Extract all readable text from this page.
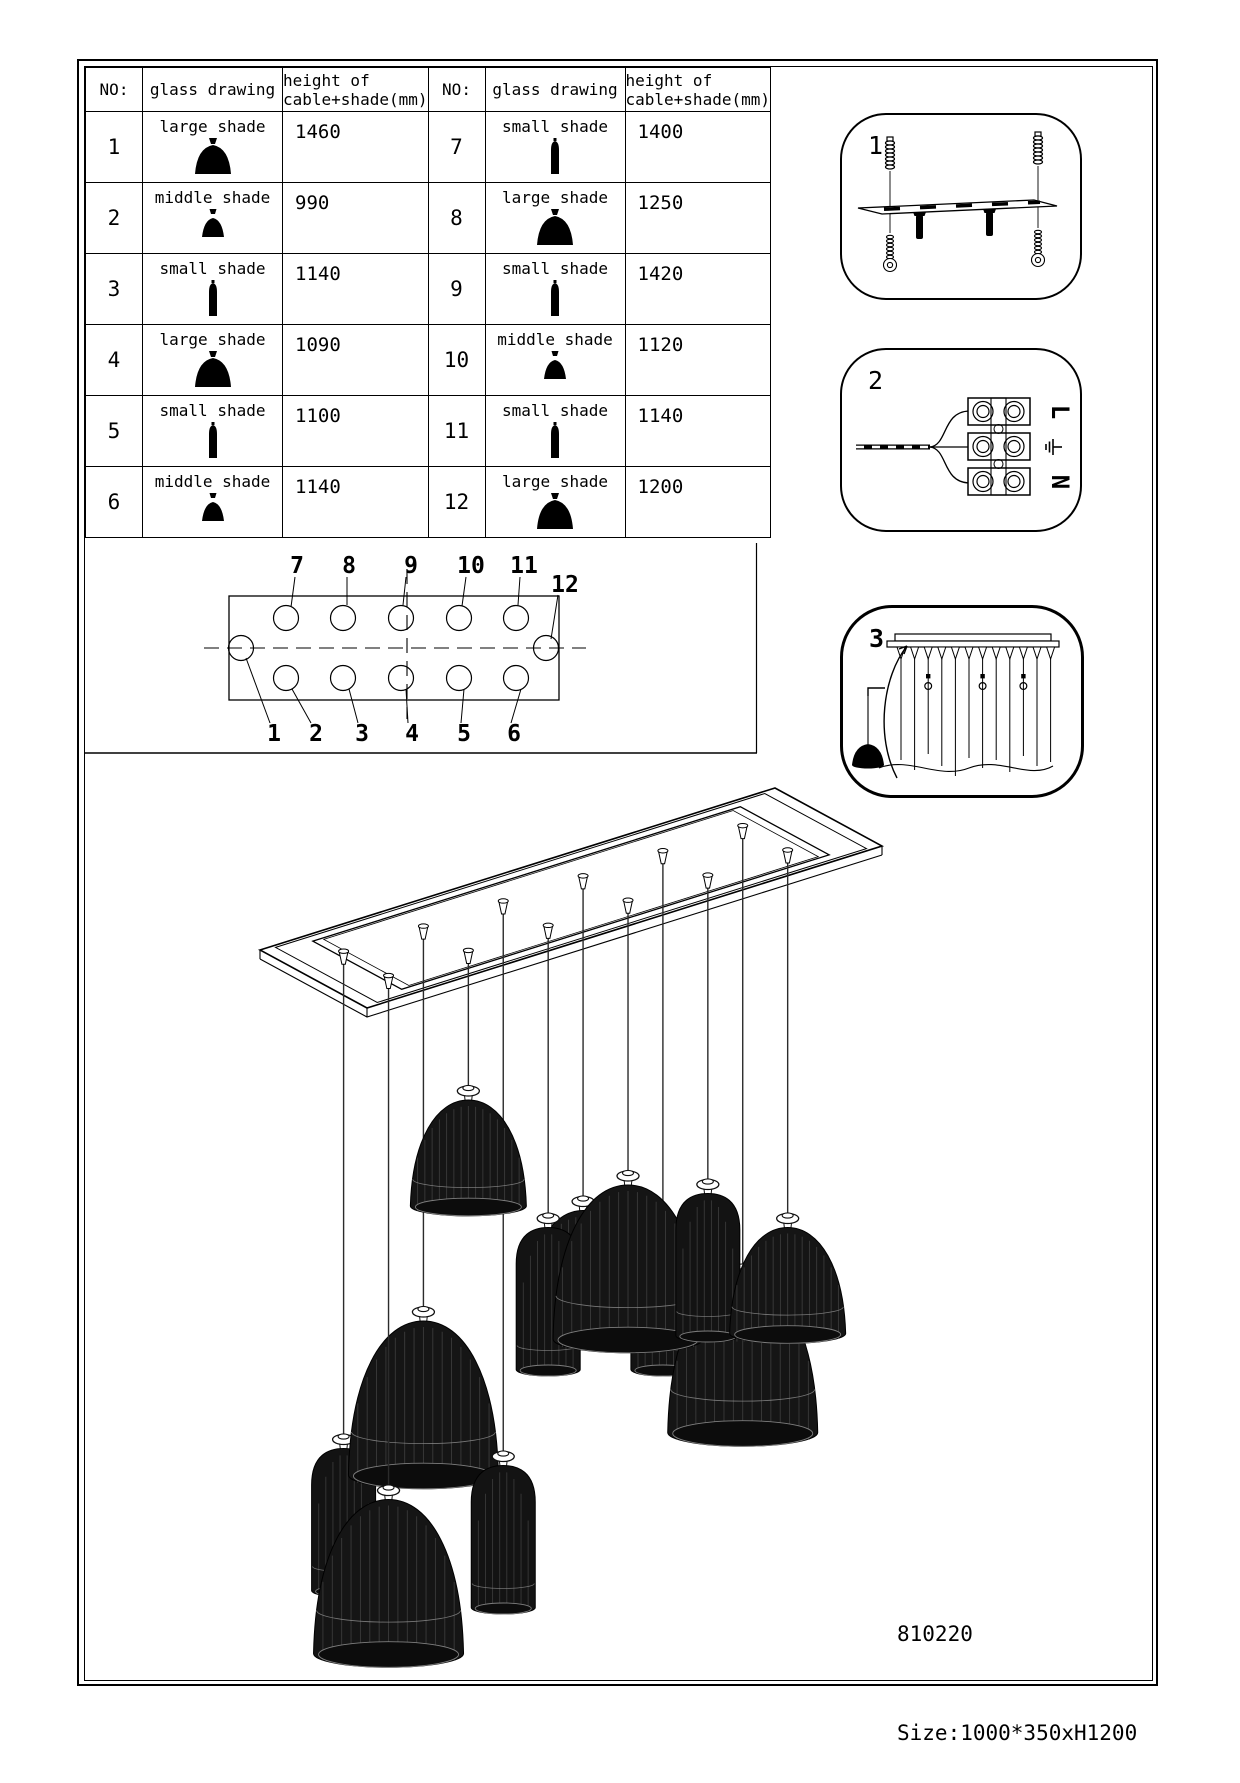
NO:	glass drawing	height of
cable+shade(mm)	NO:	glass drawing	height of
cable+shade(mm)

1	large shade	1460	7	small shade	1400
2	middle shade	990	8	large shade	1250
3	small shade	1140	9	small shade	1420
4	large shade	1090	10	middle shade	1120
5	small shade	1100	11	small shade	1140
6	middle shade	1140	12	large shade	1200
7 8 9 10 11
12
1 2 3 4 5 6
1
2
L
N
3

810220

Size:1000*350xH1200
